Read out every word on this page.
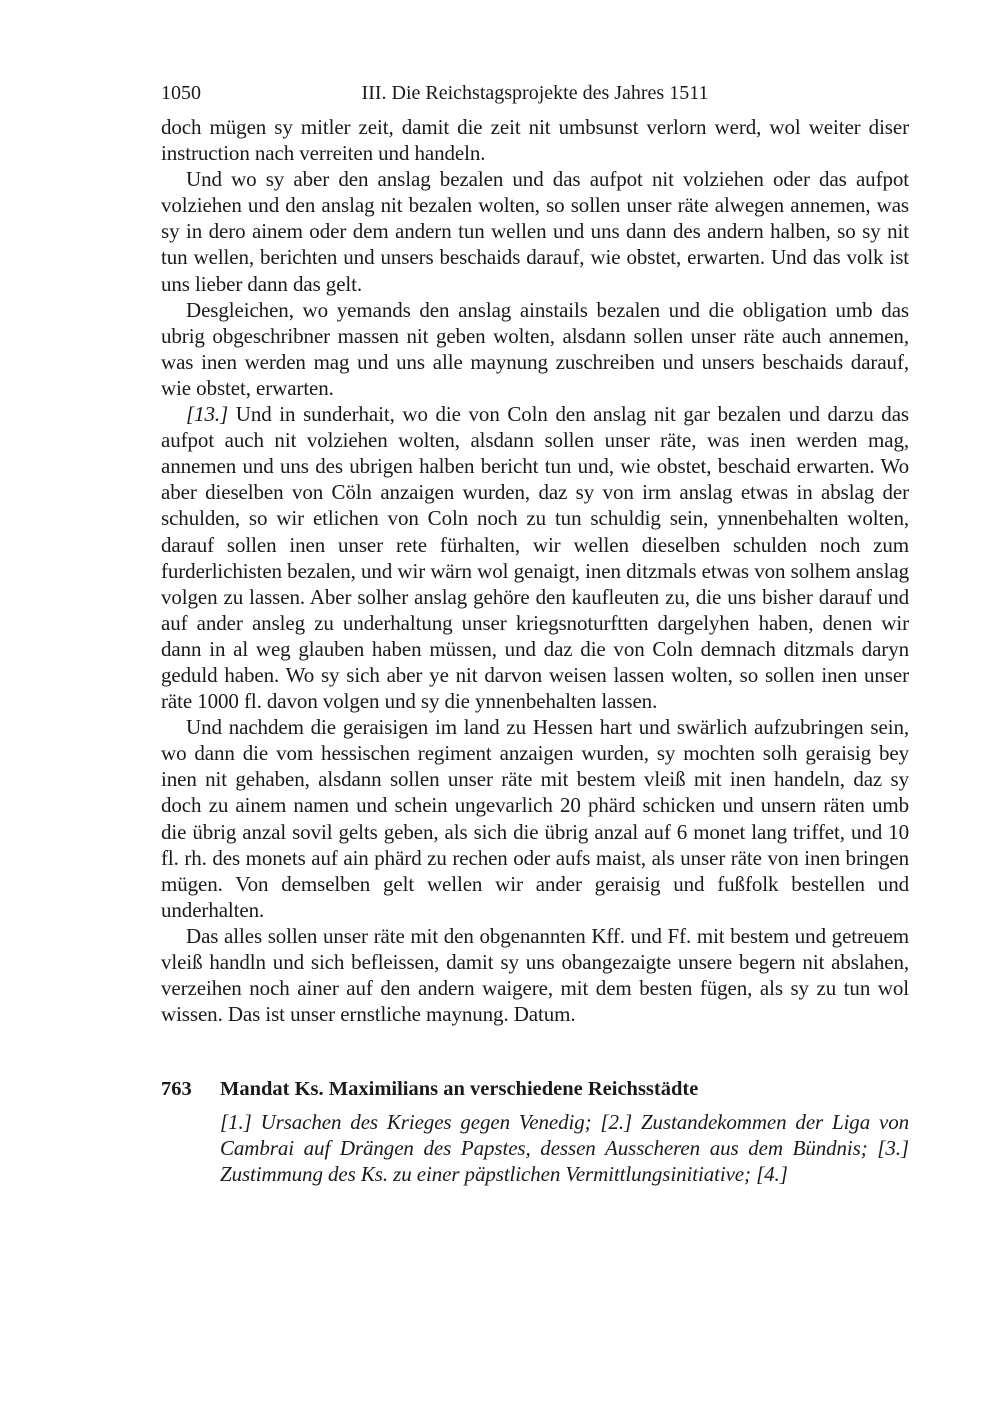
III. Die Reichstagsprojekte des Jahres 1511
1050

doch mügen sy mitler zeit, damit die zeit nit umbsunst verlorn werd, wol weiter diser instruction nach verreiten und handeln.

Und wo sy aber den anslag bezalen und das aufpot nit volziehen oder das aufpot volziehen und den anslag nit bezalen wolten, so sollen unser räte alwegen annemen, was sy in dero ainem oder dem andern tun wellen und uns dann des andern halben, so sy nit tun wellen, berichten und unsers beschaids darauf, wie obstet, erwarten. Und das volk ist uns lieber dann das gelt.

Desgleichen, wo yemands den anslag ainstails bezalen und die obligation umb das ubrig obgeschribner massen nit geben wolten, alsdann sollen unser räte auch annemen, was inen werden mag und uns alle maynung zuschreiben und unsers beschaids darauf, wie obstet, erwarten.

[13.] Und in sunderhait, wo die von Coln den anslag nit gar bezalen und darzu das aufpot auch nit volziehen wolten, alsdann sollen unser räte, was inen werden mag, annemen und uns des ubrigen halben bericht tun und, wie obstet, beschaid erwarten. Wo aber dieselben von Cöln anzaigen wurden, daz sy von irm anslag etwas in abslag der schulden, so wir etlichen von Coln noch zu tun schuldig sein, ynnenbehalten wolten, darauf sollen inen unser rete fürhalten, wir wellen dieselben schulden noch zum furderlichisten bezalen, und wir wärn wol genaigt, inen ditzmals etwas von solhem anslag volgen zu lassen. Aber solher anslag gehöre den kaufleuten zu, die uns bisher darauf und auf ander ansleg zu underhaltung unser kriegsnoturftten dargelyhen haben, denen wir dann in al weg glauben haben müssen, und daz die von Coln demnach ditzmals daryn geduld haben. Wo sy sich aber ye nit darvon weisen lassen wolten, so sollen inen unser räte 1000 fl. davon volgen und sy die ynnenbehalten lassen.

Und nachdem die geraisigen im land zu Hessen hart und swärlich aufzubringen sein, wo dann die vom hessischen regiment anzaigen wurden, sy mochten solh geraisig bey inen nit gehaben, alsdann sollen unser räte mit bestem vleiß mit inen handeln, daz sy doch zu ainem namen und schein ungevarlich 20 phärd schicken und unsern räten umb die übrig anzal sovil gelts geben, als sich die übrig anzal auf 6 monet lang triffet, und 10 fl. rh. des monets auf ain phärd zu rechen oder aufs maist, als unser räte von inen bringen mügen. Von demselben gelt wellen wir ander geraisig und fußfolk bestellen und underhalten.

Das alles sollen unser räte mit den obgenannten Kff. und Ff. mit bestem und getreuem vleiß handln und sich befleissen, damit sy uns obangezaigte unsere begern nit abslahen, verzeihen noch ainer auf den andern waigere, mit dem besten fügen, als sy zu tun wol wissen. Das ist unser ernstliche maynung. Datum.

763 Mandat Ks. Maximilians an verschiedene Reichsstädte
[1.] Ursachen des Krieges gegen Venedig; [2.] Zustandekommen der Liga von Cambrai auf Drängen des Papstes, dessen Ausscheren aus dem Bündnis; [3.] Zustimmung des Ks. zu einer päpstlichen Vermittlungsinitiative; [4.]
